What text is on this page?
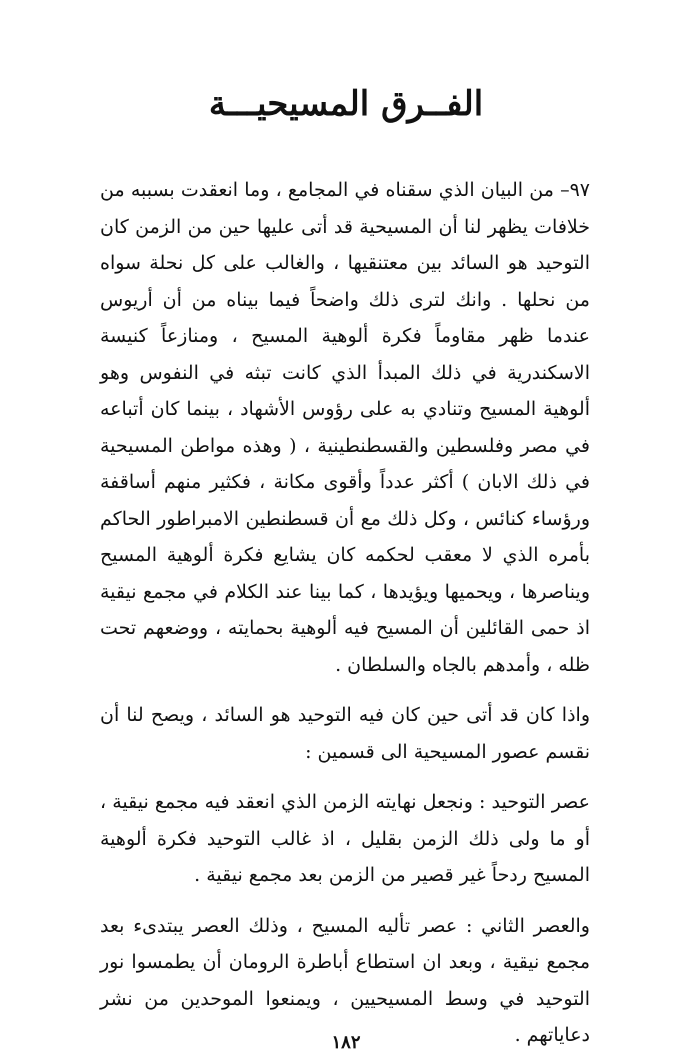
الفــرق المسيحيـــة

٩٧– من البيان الذي سقناه في المجامع ، وما انعقدت بسببه من خلافات يظهر لنا أن المسيحية قد أتى عليها حين من الزمن كان التوحيد هو السائد بين معتنقيها ، والغالب على كل نحلة سواه من نحلها . وانك لترى ذلك واضحاً فيما بيناه من أن أريوس عندما ظهر مقاوماً فكرة ألوهية المسيح ، ومنازعاً كنيسة الاسكندرية في ذلك المبدأ الذي كانت تبثه في النفوس وهو ألوهية المسيح وتنادي به على رؤوس الأشهاد ، بينما كان أتباعه في مصر وفلسطين والقسطنطينية ، ( وهذه مواطن المسيحية في ذلك الابان ) أكثر عدداً وأقوى مكانة ، فكثير منهم أساقفة ورؤساء كنائس ، وكل ذلك مع أن قسطنطين الامبراطور الحاكم بأمره الذي لا معقب لحكمه كان يشايع فكرة ألوهية المسيح ويناصرها ، ويحميها ويؤيدها ، كما بينا عند الكلام في مجمع نيقية اذ حمى القائلين أن المسيح فيه ألوهية بحمايته ، ووضعهم تحت ظله ، وأمدهم بالجاه والسلطان .

واذا كان قد أتى حين كان فيه التوحيد هو السائد ، ويصح لنا أن نقسم عصور المسيحية الى قسمين :

عصر التوحيد : ونجعل نهايته الزمن الذي انعقد فيه مجمع نيقية ، أو ما ولى ذلك الزمن بقليل ، اذ غالب التوحيد فكرة ألوهية المسيح ردحاً غير قصير من الزمن بعد مجمع نيقية .

والعصر الثاني : عصر تأليه المسيح ، وذلك العصر يبتدىء بعد مجمع نيقية ، وبعد ان استطاع أباطرة الرومان أن يطمسوا نور التوحيد في وسط المسيحيين ، ويمنعوا الموحدين من نشر دعاياتهم .

١٨٢
